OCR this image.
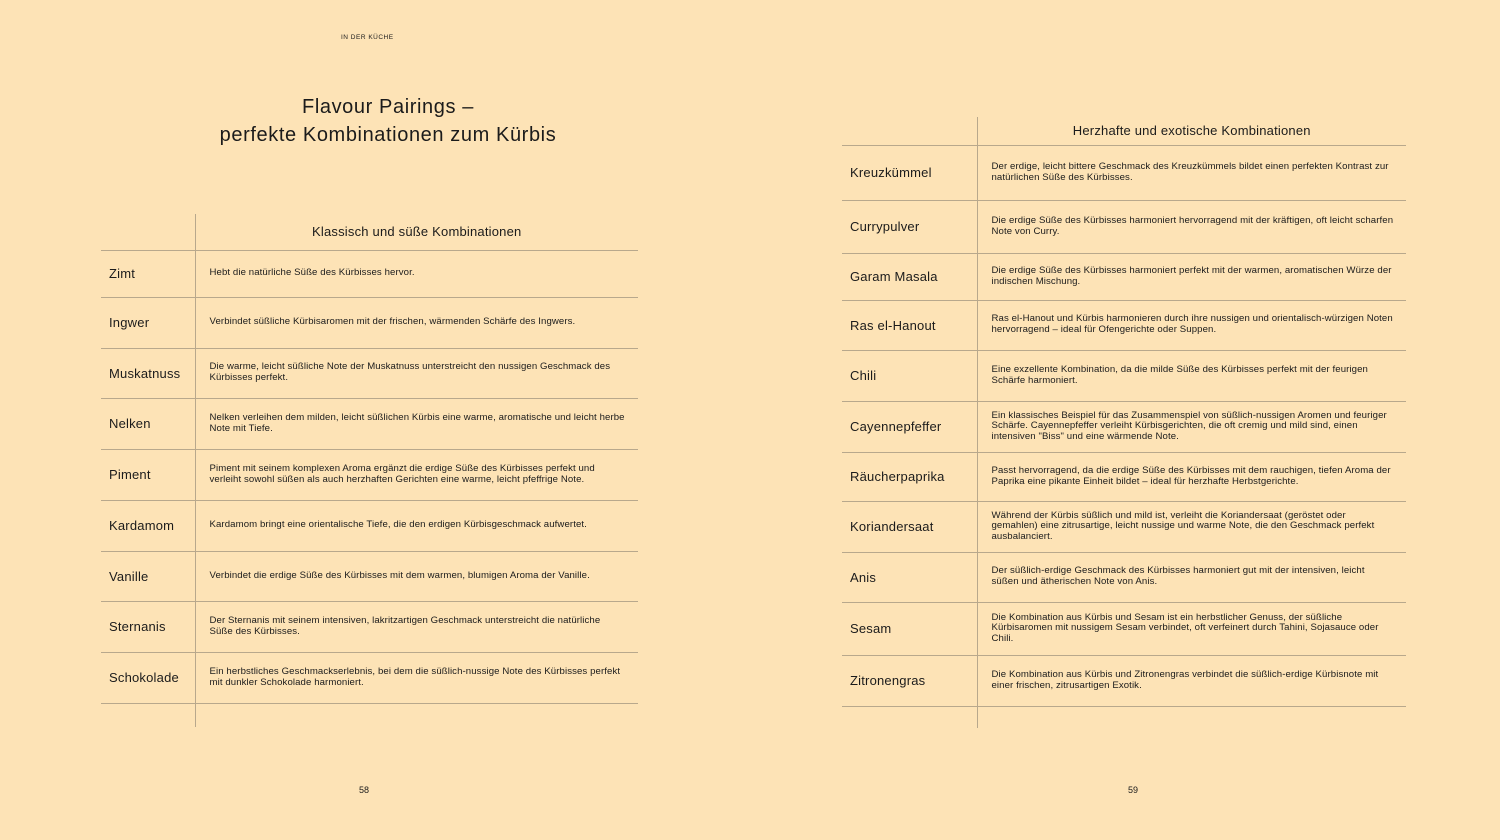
IN DER KÜCHE
Flavour Pairings –
perfekte Kombinationen zum Kürbis
	Klassisch und süße Kombinationen
Zimt	Hebt die natürliche Süße des Kürbisses hervor.
Ingwer	Verbindet süßliche Kürbisaromen mit der frischen, wärmenden Schärfe des Ingwers.
Muskatnuss	Die warme, leicht süßliche Note der Muskatnuss unterstreicht den nussigen Geschmack des Kürbisses perfekt.
Nelken	Nelken verleihen dem milden, leicht süßlichen Kürbis eine warme, aromatische und leicht herbe Note mit Tiefe.
Piment	Piment mit seinem komplexen Aroma ergänzt die erdige Süße des Kürbisses perfekt und verleiht sowohl süßen als auch herzhaften Gerichten eine warme, leicht pfeffrige Note.
Kardamom	Kardamom bringt eine orientalische Tiefe, die den erdigen Kürbisgeschmack aufwertet.
Vanille	Verbindet die erdige Süße des Kürbisses mit dem warmen, blumigen Aroma der Vanille.
Sternanis	Der Sternanis mit seinem intensiven, lakritzartigen Geschmack unterstreicht die natürliche Süße des Kürbisses.
Schokolade	Ein herbstliches Geschmackserlebnis, bei dem die süßlich-nussige Note des Kürbisses perfekt mit dunkler Schokolade harmoniert.

58
	Herzhafte und exotische Kombinationen
Kreuzkümmel	Der erdige, leicht bittere Geschmack des Kreuzkümmels bildet einen perfekten Kontrast zur natürlichen Süße des Kürbisses.
Currypulver	Die erdige Süße des Kürbisses harmoniert hervorragend mit der kräftigen, oft leicht scharfen Note von Curry.
Garam Masala	Die erdige Süße des Kürbisses harmoniert perfekt mit der warmen, aromatischen Würze der indischen Mischung.
Ras el-Hanout	Ras el-Hanout und Kürbis harmonieren durch ihre nussigen und orientalisch-würzigen Noten hervorragend – ideal für Ofengerichte oder Suppen.
Chili	Eine exzellente Kombination, da die milde Süße des Kürbisses perfekt mit der feurigen Schärfe harmoniert.
Cayennepfeffer	Ein klassisches Beispiel für das Zusammenspiel von süßlich-nussigen Aromen und feuriger Schärfe. Cayennepfeffer verleiht Kürbisgerichten, die oft cremig und mild sind, einen intensiven "Biss" und eine wärmende Note.
Räucherpaprika	Passt hervorragend, da die erdige Süße des Kürbisses mit dem rauchigen, tiefen Aroma der Paprika eine pikante Einheit bildet – ideal für herzhafte Herbstgerichte.
Koriandersaat	Während der Kürbis süßlich und mild ist, verleiht die Koriandersaat (geröstet oder gemahlen) eine zitrusartige, leicht nussige und warme Note, die den Geschmack perfekt ausbalanciert.
Anis	Der süßlich-erdige Geschmack des Kürbisses harmoniert gut mit der intensiven, leicht süßen und ätherischen Note von Anis.
Sesam	Die Kombination aus Kürbis und Sesam ist ein herbstlicher Genuss, der süßliche Kürbisaromen mit nussigem Sesam verbindet, oft verfeinert durch Tahini, Sojasauce oder Chili.
Zitronengras	Die Kombination aus Kürbis und Zitronengras verbindet die süßlich-erdige Kürbisnote mit einer frischen, zitrusartigen Exotik.

59
